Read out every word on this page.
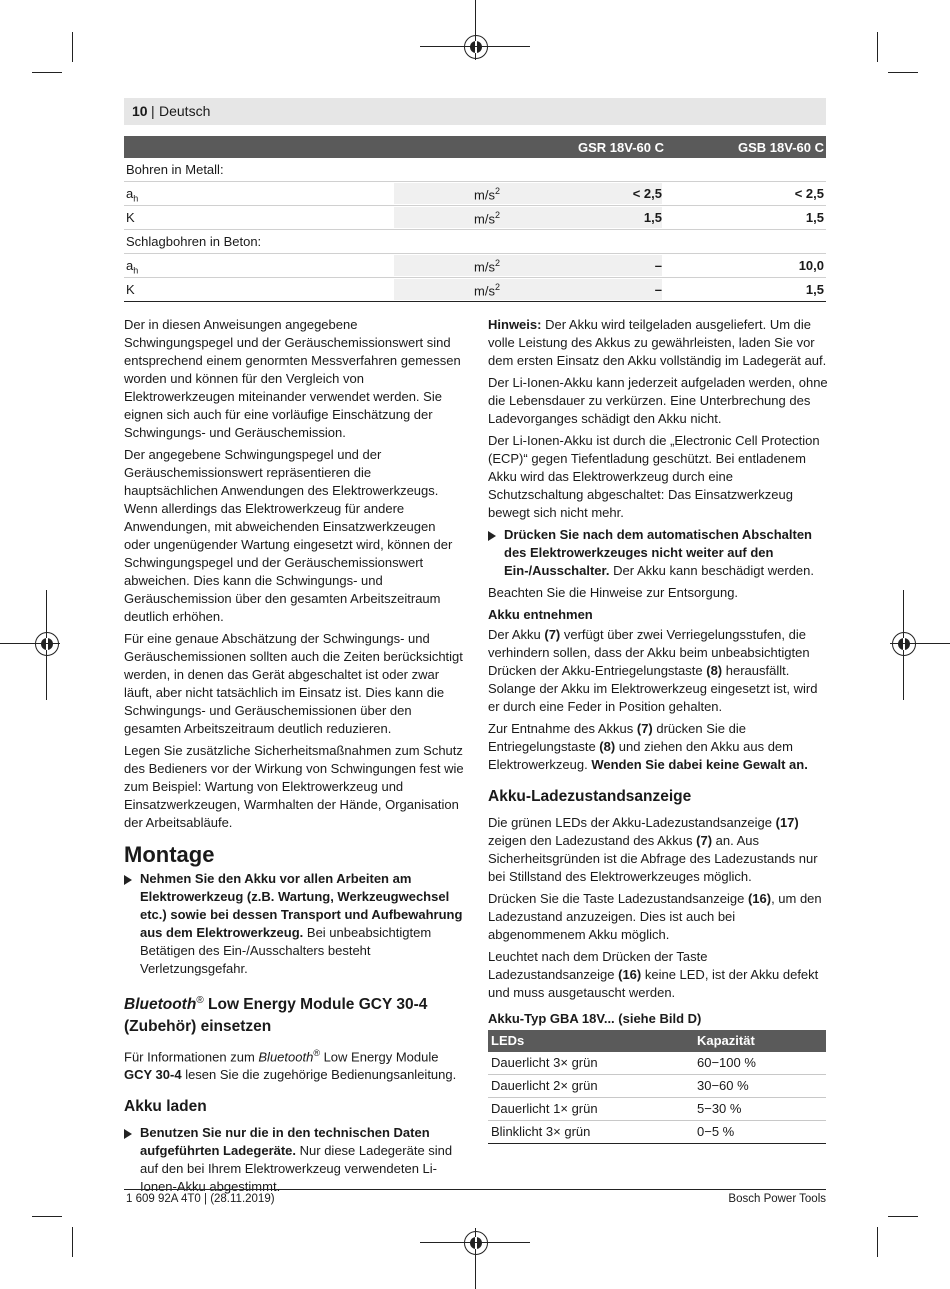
10 | Deutsch
GSR 18V-60 C	GSB 18V-60 C
Bohren in Metall:
$a_h$	$m/s^2$	< 2,5	< 2,5
K	$m/s^2$	1,5	1,5
Schlagbohren in Beton:
$a_h$	$m/s^2$	–	10,0
K	$m/s^2$	–	1,5

Der in diesen Anweisungen angegebene Schwingungspegel und der Geräuschemissionswert sind entsprechend einem genormten Messverfahren gemessen worden und können für den Vergleich von Elektrowerkzeugen miteinander verwendet werden. Sie eignen sich auch für eine vorläufige Einschätzung der Schwingungs- und Geräuschemission.

Der angegebene Schwingungspegel und der Geräuschemissionswert repräsentieren die hauptsächlichen Anwendungen des Elektrowerkzeugs. Wenn allerdings das Elektrowerkzeug für andere Anwendungen, mit abweichenden Einsatzwerkzeugen oder ungenügender Wartung eingesetzt wird, können der Schwingungspegel und der Geräuschemissionswert abweichen. Dies kann die Schwingungs- und Geräuschemission über den gesamten Arbeitszeitraum deutlich erhöhen.

Für eine genaue Abschätzung der Schwingungs- und Geräuschemissionen sollten auch die Zeiten berücksichtigt werden, in denen das Gerät abgeschaltet ist oder zwar läuft, aber nicht tatsächlich im Einsatz ist. Dies kann die Schwingungs- und Geräuschemissionen über den gesamten Arbeitszeitraum deutlich reduzieren.

Legen Sie zusätzliche Sicherheitsmaßnahmen zum Schutz des Bedieners vor der Wirkung von Schwingungen fest wie zum Beispiel: Wartung von Elektrowerkzeug und Einsatzwerkzeugen, Warmhalten der Hände, Organisation der Arbeitsabläufe.

Montage
Nehmen Sie den Akku vor allen Arbeiten am Elektrowerkzeug (z.B. Wartung, Werkzeugwechsel etc.) sowie bei dessen Transport und Aufbewahrung aus dem Elektrowerkzeug. Bei unbeabsichtigtem Betätigen des Ein-/Ausschalters besteht Verletzungsgefahr.
Bluetooth® Low Energy Module GCY 30-4 (Zubehör) einsetzen

Für Informationen zum Bluetooth® Low Energy Module GCY 30-4 lesen Sie die zugehörige Bedienungsanleitung.

Akku laden
Benutzen Sie nur die in den technischen Daten aufgeführten Ladegeräte. Nur diese Ladegeräte sind auf den bei Ihrem Elektrowerkzeug verwendeten Li-Ionen-Akku abgestimmt.

Hinweis: Der Akku wird teilgeladen ausgeliefert. Um die volle Leistung des Akkus zu gewährleisten, laden Sie vor dem ersten Einsatz den Akku vollständig im Ladegerät auf.

Der Li-Ionen-Akku kann jederzeit aufgeladen werden, ohne die Lebensdauer zu verkürzen. Eine Unterbrechung des Ladevorganges schädigt den Akku nicht.

Der Li-Ionen-Akku ist durch die „Electronic Cell Protection (ECP)“ gegen Tiefentladung geschützt. Bei entladenem Akku wird das Elektrowerkzeug durch eine Schutzschaltung abgeschaltet: Das Einsatzwerkzeug bewegt sich nicht mehr.

Drücken Sie nach dem automatischen Abschalten des Elektrowerkzeuges nicht weiter auf den Ein-/Ausschalter. Der Akku kann beschädigt werden.

Beachten Sie die Hinweise zur Entsorgung.

Akku entnehmen

Der Akku (7) verfügt über zwei Verriegelungsstufen, die verhindern sollen, dass der Akku beim unbeabsichtigten Drücken der Akku-Entriegelungstaste (8) herausfällt. Solange der Akku im Elektrowerkzeug eingesetzt ist, wird er durch eine Feder in Position gehalten.

Zur Entnahme des Akkus (7) drücken Sie die Entriegelungstaste (8) und ziehen den Akku aus dem Elektrowerkzeug. Wenden Sie dabei keine Gewalt an.

Akku-Ladezustandsanzeige

Die grünen LEDs der Akku-Ladezustandsanzeige (17) zeigen den Ladezustand des Akkus (7) an. Aus Sicherheitsgründen ist die Abfrage des Ladezustands nur bei Stillstand des Elektrowerkzeuges möglich.

Drücken Sie die Taste Ladezustandsanzeige (16), um den Ladezustand anzuzeigen. Dies ist auch bei abgenommenem Akku möglich.

Leuchtet nach dem Drücken der Taste Ladezustandsanzeige (16) keine LED, ist der Akku defekt und muss ausgetauscht werden.

Akku-Typ GBA 18V... (siehe Bild D)
LEDs	Kapazität
Dauerlicht 3× grün	60−100 %
Dauerlicht 2× grün	30−60 %
Dauerlicht 1× grün	5−30 %
Blinklicht 3× grün	0−5 %
1 609 92A 4T0 | (28.11.2019)	Bosch Power Tools
